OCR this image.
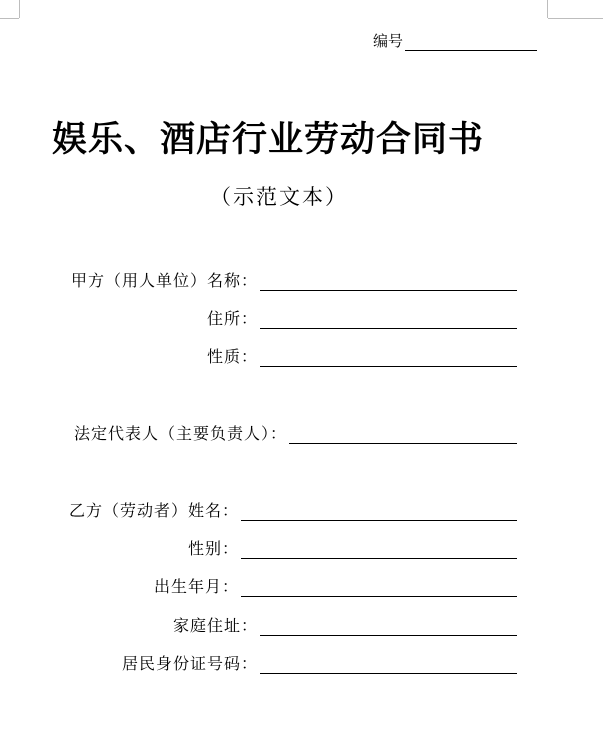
编号
娱乐、酒店行业劳动合同书
（示范文本）
甲方（用人单位）名称：
住所：
性质：
法定代表人（主要负责人）：
乙方（劳动者）姓名：
性别：
出生年月：
家庭住址：
居民身份证号码：
